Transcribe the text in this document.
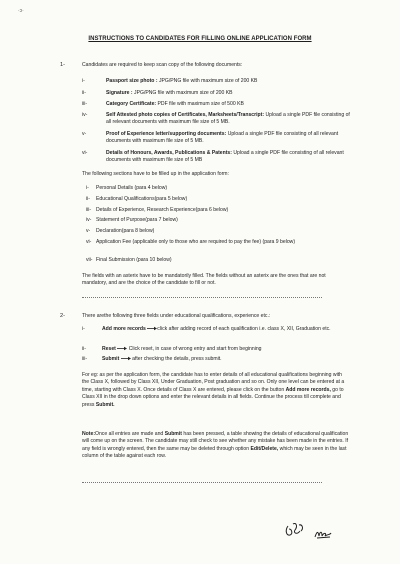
·ɔ·
INSTRUCTIONS TO CANDIDATES FOR FILLING ONLINE APPLICATION FORM
1-	Candidates are required to keep scan copy of the following documents:
i-	Passport size photo : JPG/PNG file with maximum size of 200 KB
ii-	Signature : JPG/PNG file with maximum size of 200 KB
iii-	Category Certificate: PDF file with maximum size of 500 KB
iv-	Self Attested photo copies of Certificates, Marksheets/Transcript: Upload a single PDF file consisting of all relevant documents with maximum file size of 5 MB.
v-	Proof of Experience letter/supporting documents: Upload a single PDF file consisting of all relevant documents with maximum file size of 5 MB.
vi-	Details of Honours, Awards, Publications & Patents: Upload a single PDF file consisting of all relevant documents with maximum file size of 5 MB
The following sections have to be filled up in the application form:
i- Personal Details (para 4 below)
ii- Educational Qualifications(para 5 below)
iii- Details of Experience, Research Experience(para 6 below)
iv- Statement of Purpose(para 7 below)
v- Declaration(para 8 below)
vi- Application Fee (applicable only to those who are required to pay the fee) (para 9 below)
vii- Final Submission (para 10 below)
The fields with an asterix have to be mandatorily filled. The fields without an asterix are the ones that are not mandatory, and are the choice of the candidate to fill or not.
2-	There arethe following three fields under educational qualifications, experience etc.:
i-	Add more records click after adding record of each qualification i.e. class X, XII, Graduation etc.
ii-	Reset	Click reset, in case of wrong entry and start from beginning
iii-	Submit	after checking the details, press submit.
For eg: as per the application form, the candidate has to enter details of all educational qualifications beginning with the Class X, followed by Class XII, Under Graduation, Post graduation and so on. Only one level can be entered at a time, starting with Class X. Once details of Class X are entered, please click on the button Add more records, go to Class XII in the drop down options and enter the relevant details in all fields. Continue the process till complete and press Submit.
Note:Once all entries are made and Submit has been pressed, a table showing the details of educational qualification will come up on the screen. The candidate may still check to see whether any mistake has been made in the entries. If any field is wrongly entered, then the same may be deleted through option Edit/Delete, which may be seen in the last column of the table against each row.
